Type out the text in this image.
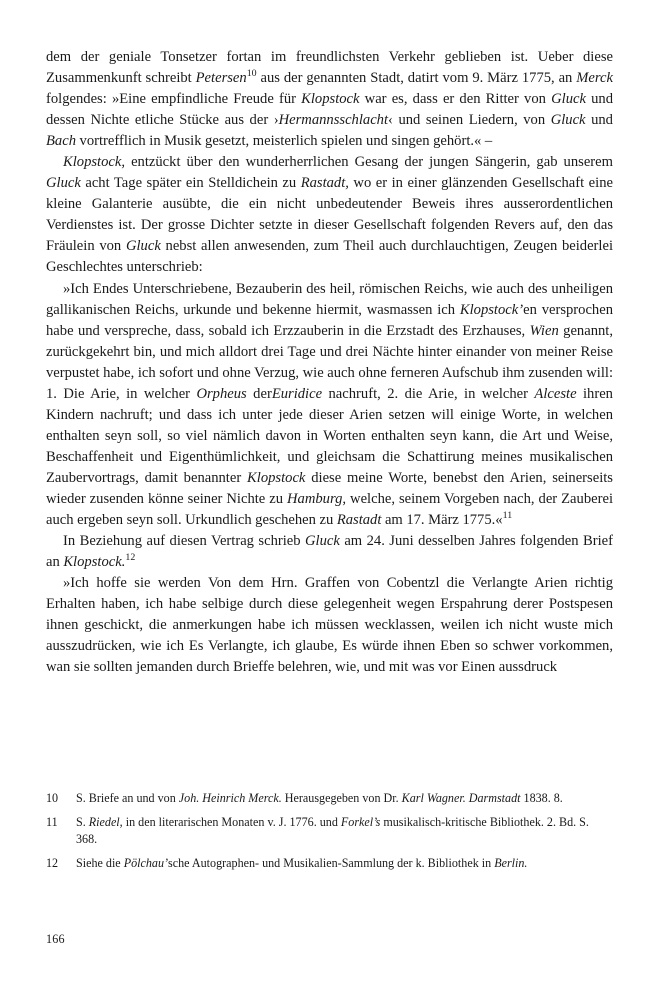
dem der geniale Tonsetzer fortan im freundlichsten Verkehr geblieben ist. Ueber diese Zusammenkunft schreibt Petersen$^{10}$ aus der genannten Stadt, datirt vom 9. März 1775, an Merck folgendes: »Eine empfindliche Freude für Klopstock war es, dass er den Ritter von Gluck und dessen Nichte etliche Stücke aus der ›Hermannsschlacht‹ und seinen Liedern, von Gluck und Bach vortrefflich in Musik gesetzt, meisterlich spielen und singen gehört.« –

Klopstock, entzückt über den wunderherrlichen Gesang der jungen Sängerin, gab unserem Gluck acht Tage später ein Stelldichein zu Rastadt, wo er in einer glänzenden Gesellschaft eine kleine Galanterie ausübte, die ein nicht unbedeutender Beweis ihres ausserordentlichen Verdienstes ist. Der grosse Dichter setzte in dieser Gesellschaft folgenden Revers auf, den das Fräulein von Gluck nebst allen anwesenden, zum Theil auch durchlauchtigen, Zeugen beiderlei Geschlechtes unterschrieb:

»Ich Endes Unterschriebene, Bezauberin des heil, römischen Reichs, wie auch des unheiligen gallikanischen Reichs, urkunde und bekenne hiermit, wasmassen ich Klopstock’en versprochen habe und verspreche, dass, sobald ich Erzzauberin in die Erzstadt des Erzhauses, Wien genannt, zurückgekehrt bin, und mich alldort drei Tage und drei Nächte hinter einander von meiner Reise verpustet habe, ich sofort und ohne Verzug, wie auch ohne ferneren Aufschub ihm zusenden will: 1. Die Arie, in welcher Orpheus derEuridice nachruft, 2. die Arie, in welcher Alceste ihren Kindern nachruft; und dass ich unter jede dieser Arien setzen will einige Worte, in welchen enthalten seyn soll, so viel nämlich davon in Worten enthalten seyn kann, die Art und Weise, Beschaffenheit und Eigenthümlichkeit, und gleichsam die Schattirung meines musikalischen Zaubervortrags, damit benannter Klopstock diese meine Worte, benebst den Arien, seinerseits wieder zusenden könne seiner Nichte zu Hamburg, welche, seinem Vorgeben nach, der Zauberei auch ergeben seyn soll. Urkundlich geschehen zu Rastadt am 17. März 1775.«$^{11}$

In Beziehung auf diesen Vertrag schrieb Gluck am 24. Juni desselben Jahres folgenden Brief an Klopstock.$^{12}$

»Ich hoffe sie werden Von dem Hrn. Graffen von Cobentzl die Verlangte Arien richtig Erhalten haben, ich habe selbige durch diese gelegenheit wegen Erspahrung derer Postspesen ihnen geschickt, die anmerkungen habe ich müssen wecklassen, weilen ich nicht wuste mich ausszudrücken, wie ich Es Verlangte, ich glaube, Es würde ihnen Eben so schwer vorkommen, wan sie sollten jemanden durch Brieffe belehren, wie, und mit was vor Einen aussdruck

10	S. Briefe an und von Joh. Heinrich Merck. Herausgegeben von Dr. Karl Wagner. Darmstadt 1838. 8.
11	S. Riedel, in den literarischen Monaten v. J. 1776. und Forkel’s musikalisch-kritische Bibliothek. 2. Bd. S. 368.
12	Siehe die Pölchau’sche Autographen- und Musikalien-Sammlung der k. Bibliothek in Berlin.
166
